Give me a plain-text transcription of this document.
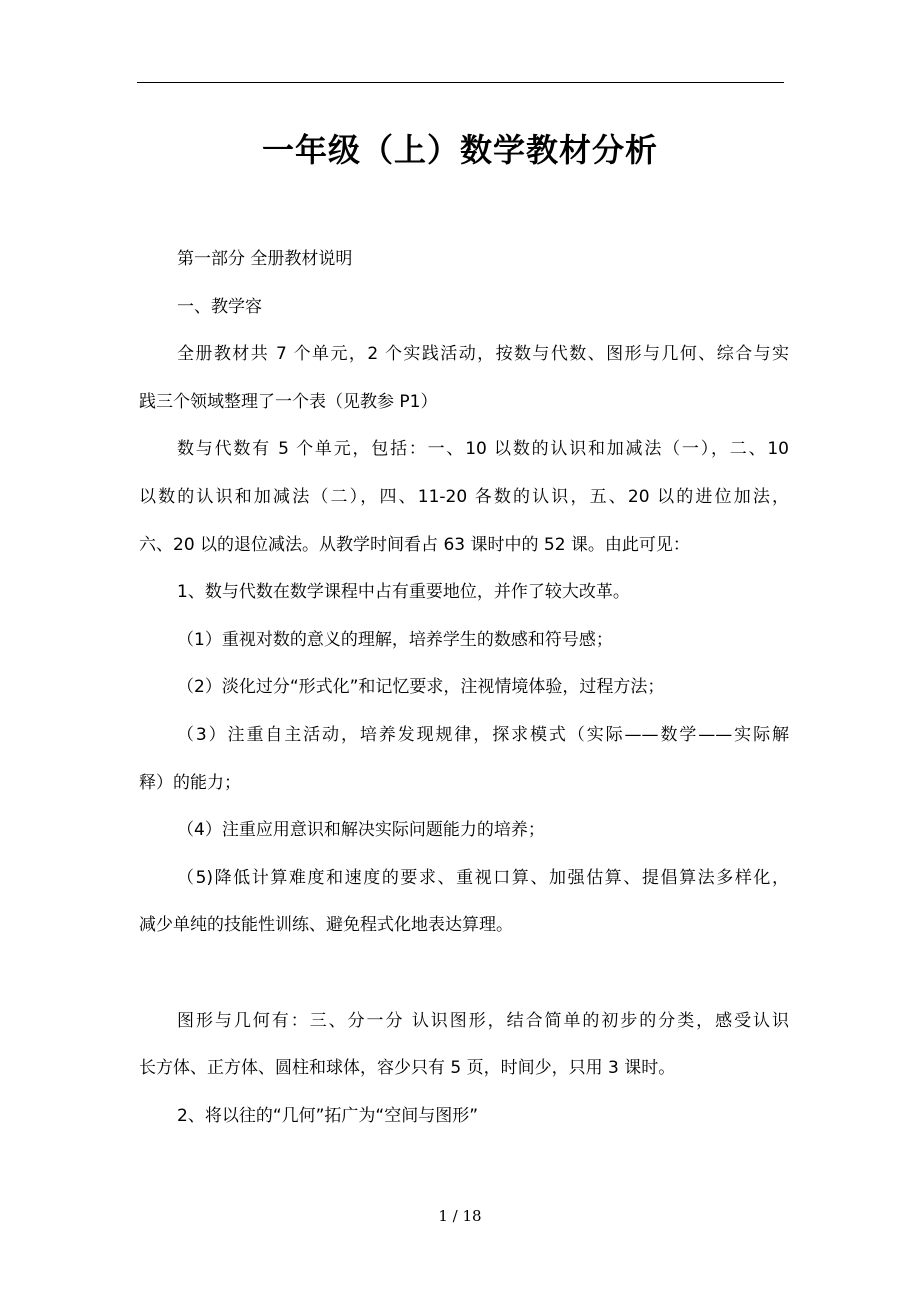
一年级（上）数学教材分析
第一部分 全册教材说明
一、教学容
全册教材共 7 个单元，2 个实践活动，按数与代数、图形与几何、综合与实
践三个领域整理了一个表（见教参 P1）
数与代数有 5 个单元，包括：一、10 以数的认识和加减法（一），二、10
以数的认识和加减法（二），四、11-20 各数的认识，五、20 以的进位加法，
六、20 以的退位减法。从教学时间看占 63 课时中的 52 课。由此可见：
1、数与代数在数学课程中占有重要地位，并作了较大改革。
（1）重视对数的意义的理解，培养学生的数感和符号感；
（2）淡化过分“形式化”和记忆要求，注视情境体验，过程方法；
（3）注重自主活动，培养发现规律，探求模式（实际——数学——实际解
释）的能力；
（4）注重应用意识和解决实际问题能力的培养；
（5)降低计算难度和速度的要求、重视口算、加强估算、提倡算法多样化，
减少单纯的技能性训练、避免程式化地表达算理。
图形与几何有：三、分一分 认识图形，结合简单的初步的分类，感受认识
长方体、正方体、圆柱和球体，容少只有 5 页，时间少，只用 3 课时。
2、将以往的“几何”拓广为“空间与图形”
1 / 18
